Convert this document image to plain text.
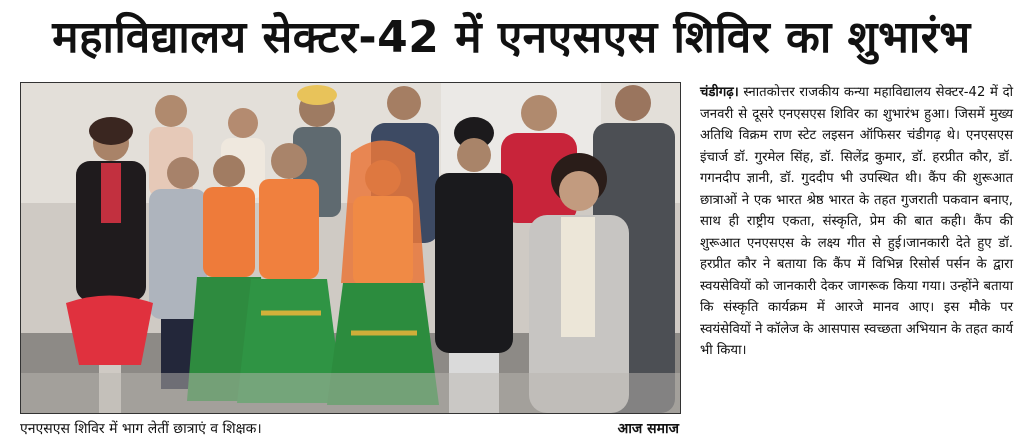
महाविद्यालय सेक्टर-42 में एनएसएस शिविर का शुभारंभ
एनएसएस शिविर में भाग लेतीं छात्राएं व शिक्षक।	आज समाज
चंडीगढ़। स्नातकोत्तर राजकीय कन्या महाविद्यालय सेक्टर-42 में दो जनवरी से दूसरे एनएसएस शिविर का शुभारंभ हुआ। जिसमें मुख्य अतिथि विक्रम राण स्टेट लइसन ऑफिसर चंडीगढ़ थे। एनएसएस इंचार्ज डॉ. गुरमेल सिंह, डॉ. सिलेंद्र कुमार, डॉ. हरप्रीत कौर, डॉ. गगनदीप ज्ञानी, डॉ. गुददीप भी उपस्थित थी। कैंप की शुरूआत छात्राओं ने एक भारत श्रेष्ठ भारत के तहत गुजराती पकवान बनाए, साथ ही राष्ट्रीय एकता, संस्कृति, प्रेम की बात कही। कैंप की शुरूआत एनएसएस के लक्ष्य गीत से हुई।जानकारी देते हुए डॉ. हरप्रीत कौर ने बताया कि कैंप में विभिन्न रिसोर्स पर्सन के द्वारा स्वयसेवियों को जानकारी देकर जागरूक किया गया। उन्होंने बताया कि संस्कृति कार्यक्रम में आरजे मानव आए। इस मौके पर स्वयंसेवियों ने कॉलेज के आसपास स्वच्छता अभियान के तहत कार्य भी किया।
